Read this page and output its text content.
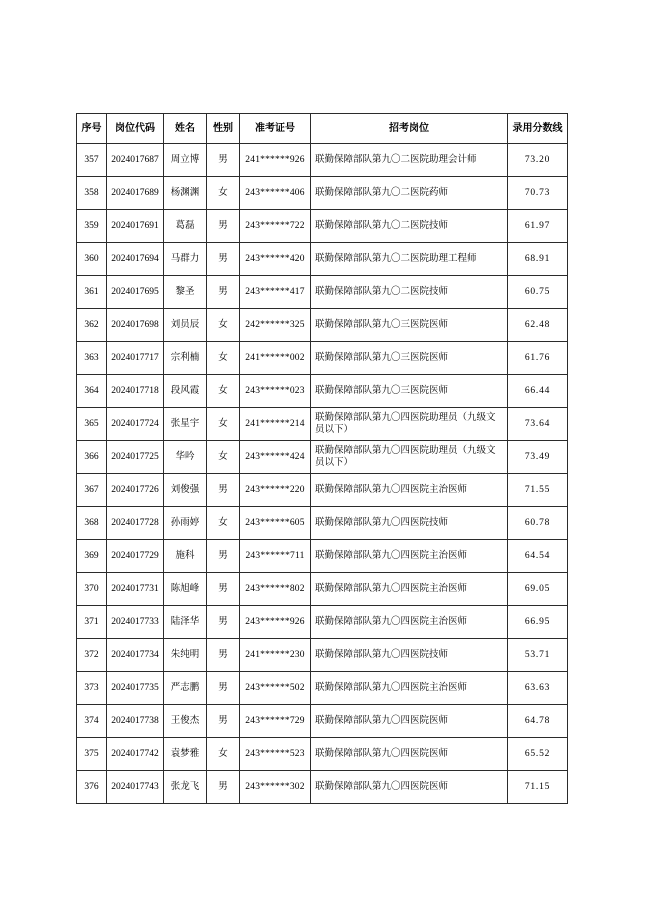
序号	岗位代码	姓名	性别	准考证号	招考岗位	录用分数线
357	2024017687	周立博	男	241******926	联勤保障部队第九〇二医院助理会计师	73.20
358	2024017689	杨渊渊	女	243******406	联勤保障部队第九〇二医院药师	70.73
359	2024017691	葛磊	男	243******722	联勤保障部队第九〇二医院技师	61.97
360	2024017694	马群力	男	243******420	联勤保障部队第九〇二医院助理工程师	68.91
361	2024017695	黎圣	男	243******417	联勤保障部队第九〇二医院技师	60.75
362	2024017698	刘员辰	女	242******325	联勤保障部队第九〇三医院医师	62.48
363	2024017717	宗利楠	女	241******002	联勤保障部队第九〇三医院医师	61.76
364	2024017718	段风霞	女	243******023	联勤保障部队第九〇三医院医师	66.44
365	2024017724	张星宇	女	241******214	联勤保障部队第九〇四医院助理员（九级文员以下）	73.64
366	2024017725	华吟	女	243******424	联勤保障部队第九〇四医院助理员（九级文员以下）	73.49
367	2024017726	刘俊强	男	243******220	联勤保障部队第九〇四医院主治医师	71.55
368	2024017728	孙雨婷	女	243******605	联勤保障部队第九〇四医院技师	60.78
369	2024017729	施科	男	243******711	联勤保障部队第九〇四医院主治医师	64.54
370	2024017731	陈旭峰	男	243******802	联勤保障部队第九〇四医院主治医师	69.05
371	2024017733	陆泽华	男	243******926	联勤保障部队第九〇四医院主治医师	66.95
372	2024017734	朱纯明	男	241******230	联勤保障部队第九〇四医院技师	53.71
373	2024017735	严志鹏	男	243******502	联勤保障部队第九〇四医院主治医师	63.63
374	2024017738	王俊杰	男	243******729	联勤保障部队第九〇四医院医师	64.78
375	2024017742	袁梦雅	女	243******523	联勤保障部队第九〇四医院医师	65.52
376	2024017743	张龙飞	男	243******302	联勤保障部队第九〇四医院医师	71.15
